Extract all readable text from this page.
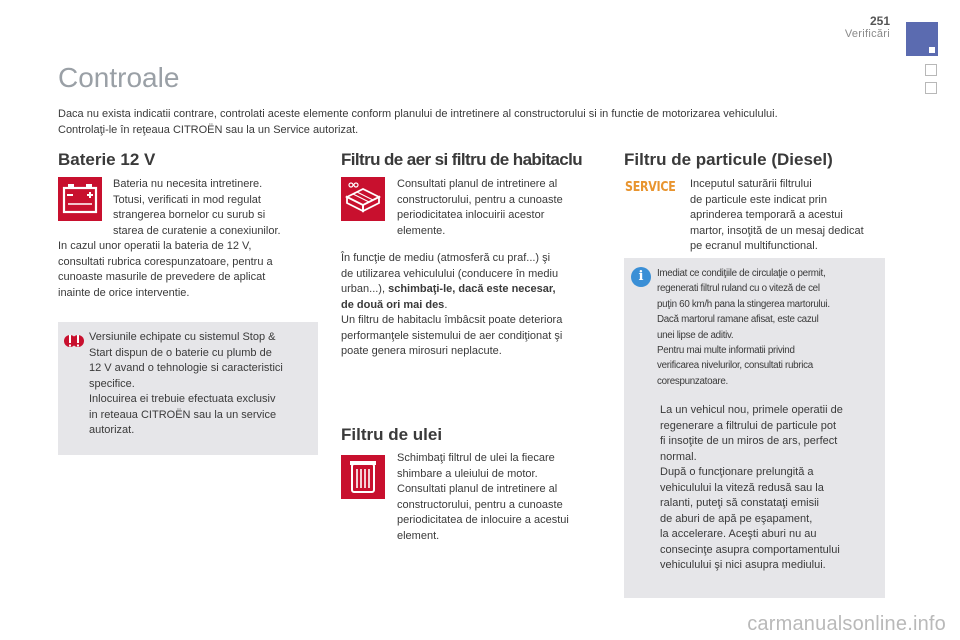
251
Verificări
Controale
Daca nu exista indicatii contrare, controlati aceste elemente conform planului de intretinere al constructorului si in functie de motorizarea vehiculului.
Controlaţi-le în reţeaua CITROËN sau la un Service autorizat.
Baterie 12 V
Bateria nu necesita intretinere.
Totusi, verificati in mod regulat
strangerea bornelor cu surub si
starea de curatenie a conexiunilor.
In cazul unor operatii la bateria de 12 V,
consultati rubrica corespunzatoare, pentru a
cunoaste masurile de prevedere de aplicat
inainte de orice interventie.
Versiunile echipate cu sistemul Stop &
Start dispun de o baterie cu plumb de
12 V avand o tehnologie si caracteristici
specifice.
Inlocuirea ei trebuie efectuata exclusiv
in reteaua CITROËN sau la un service
autorizat.
Filtru de aer si filtru de habitaclu
Consultati planul de intretinere al
constructorului, pentru a cunoaste
periodicitatea inlocuirii acestor
elemente.
În funcţie de mediu (atmosferă cu praf...) şi
de utilizarea vehiculului (conducere în mediu
urban...), schimbaţi-le, dacă este necesar,
de două ori mai des.
Un filtru de habitaclu îmbâcsit poate deteriora
performanţele sistemului de aer condiţionat şi
poate genera mirosuri neplacute.
Filtru de ulei
Schimbaţi filtrul de ulei la fiecare
shimbare a uleiului de motor.
Consultati planul de intretinere al
constructorului, pentru a cunoaste
periodicitatea de inlocuire a acestui
element.
Filtru de particule (Diesel)
SERVICE Inceputul saturării filtrului
de particule este indicat prin
aprinderea temporară a acestui
martor, insoţită de un mesaj dedicat
pe ecranul multifunctional.
i	Imediat ce condiţiile de circulaţie o permit,
regenerati filtrul ruland cu o viteză de cel
puţin 60 km/h pana la stingerea martorului.
Dacă martorul ramane afisat, este cazul
unei lipse de aditiv.
Pentru mai multe informatii privind
verificarea nivelurilor, consultati rubrica
corespunzatoare.
La un vehicul nou, primele operatii de
regenerare a filtrului de particule pot
fi insoţite de un miros de ars, perfect
normal.
După o funcţionare prelungită a
vehiculului la viteză redusă sau la
ralanti, puteţi să constataţi emisii
de aburi de apă pe eşapament,
la accelerare. Aceşti aburi nu au
consecinţe asupra comportamentului
vehiculului şi nici asupra mediului.
carmanualsonline.info
